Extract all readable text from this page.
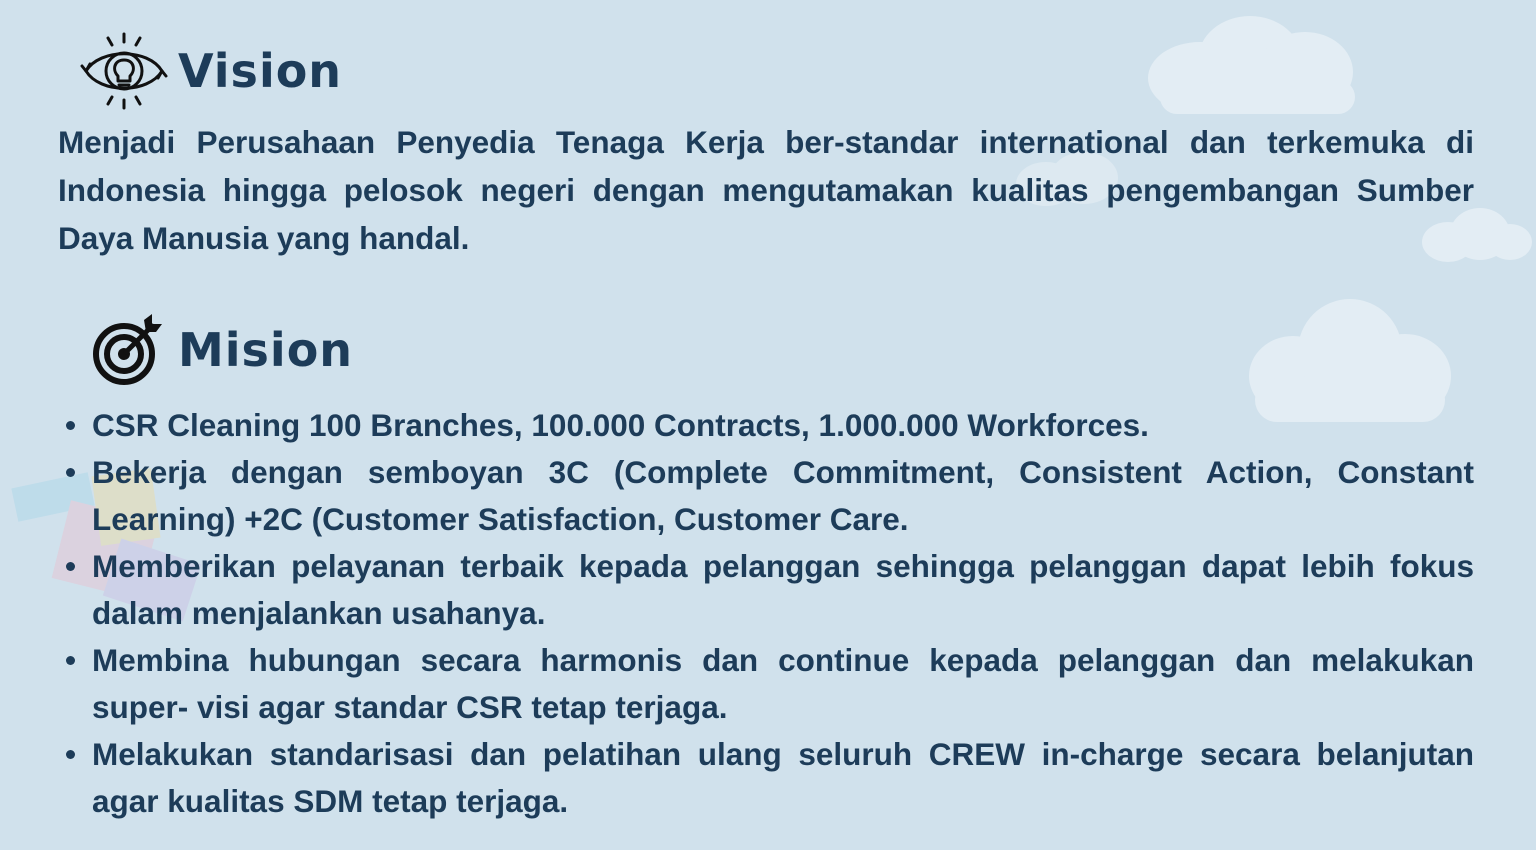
Vision

Menjadi Perusahaan Penyedia Tenaga Kerja ber-standar international dan terkemuka di Indonesia hingga pelosok negeri dengan mengutamakan kualitas pengembangan Sumber Daya Manusia yang handal.

Mision
CSR Cleaning 100 Branches, 100.000 Contracts, 1.000.000 Workforces.
Bekerja dengan semboyan 3C (Complete Commitment, Consistent Action, Constant Learning) +2C (Customer Satisfaction, Customer Care.
Memberikan pelayanan terbaik kepada pelanggan sehingga pelanggan dapat lebih fokus dalam menjalankan usahanya.
Membina hubungan secara harmonis dan continue kepada pelanggan dan melakukan super- visi agar standar CSR tetap terjaga.
Melakukan standarisasi dan pelatihan ulang seluruh CREW in-charge secara belanjutan agar kualitas SDM tetap terjaga.
